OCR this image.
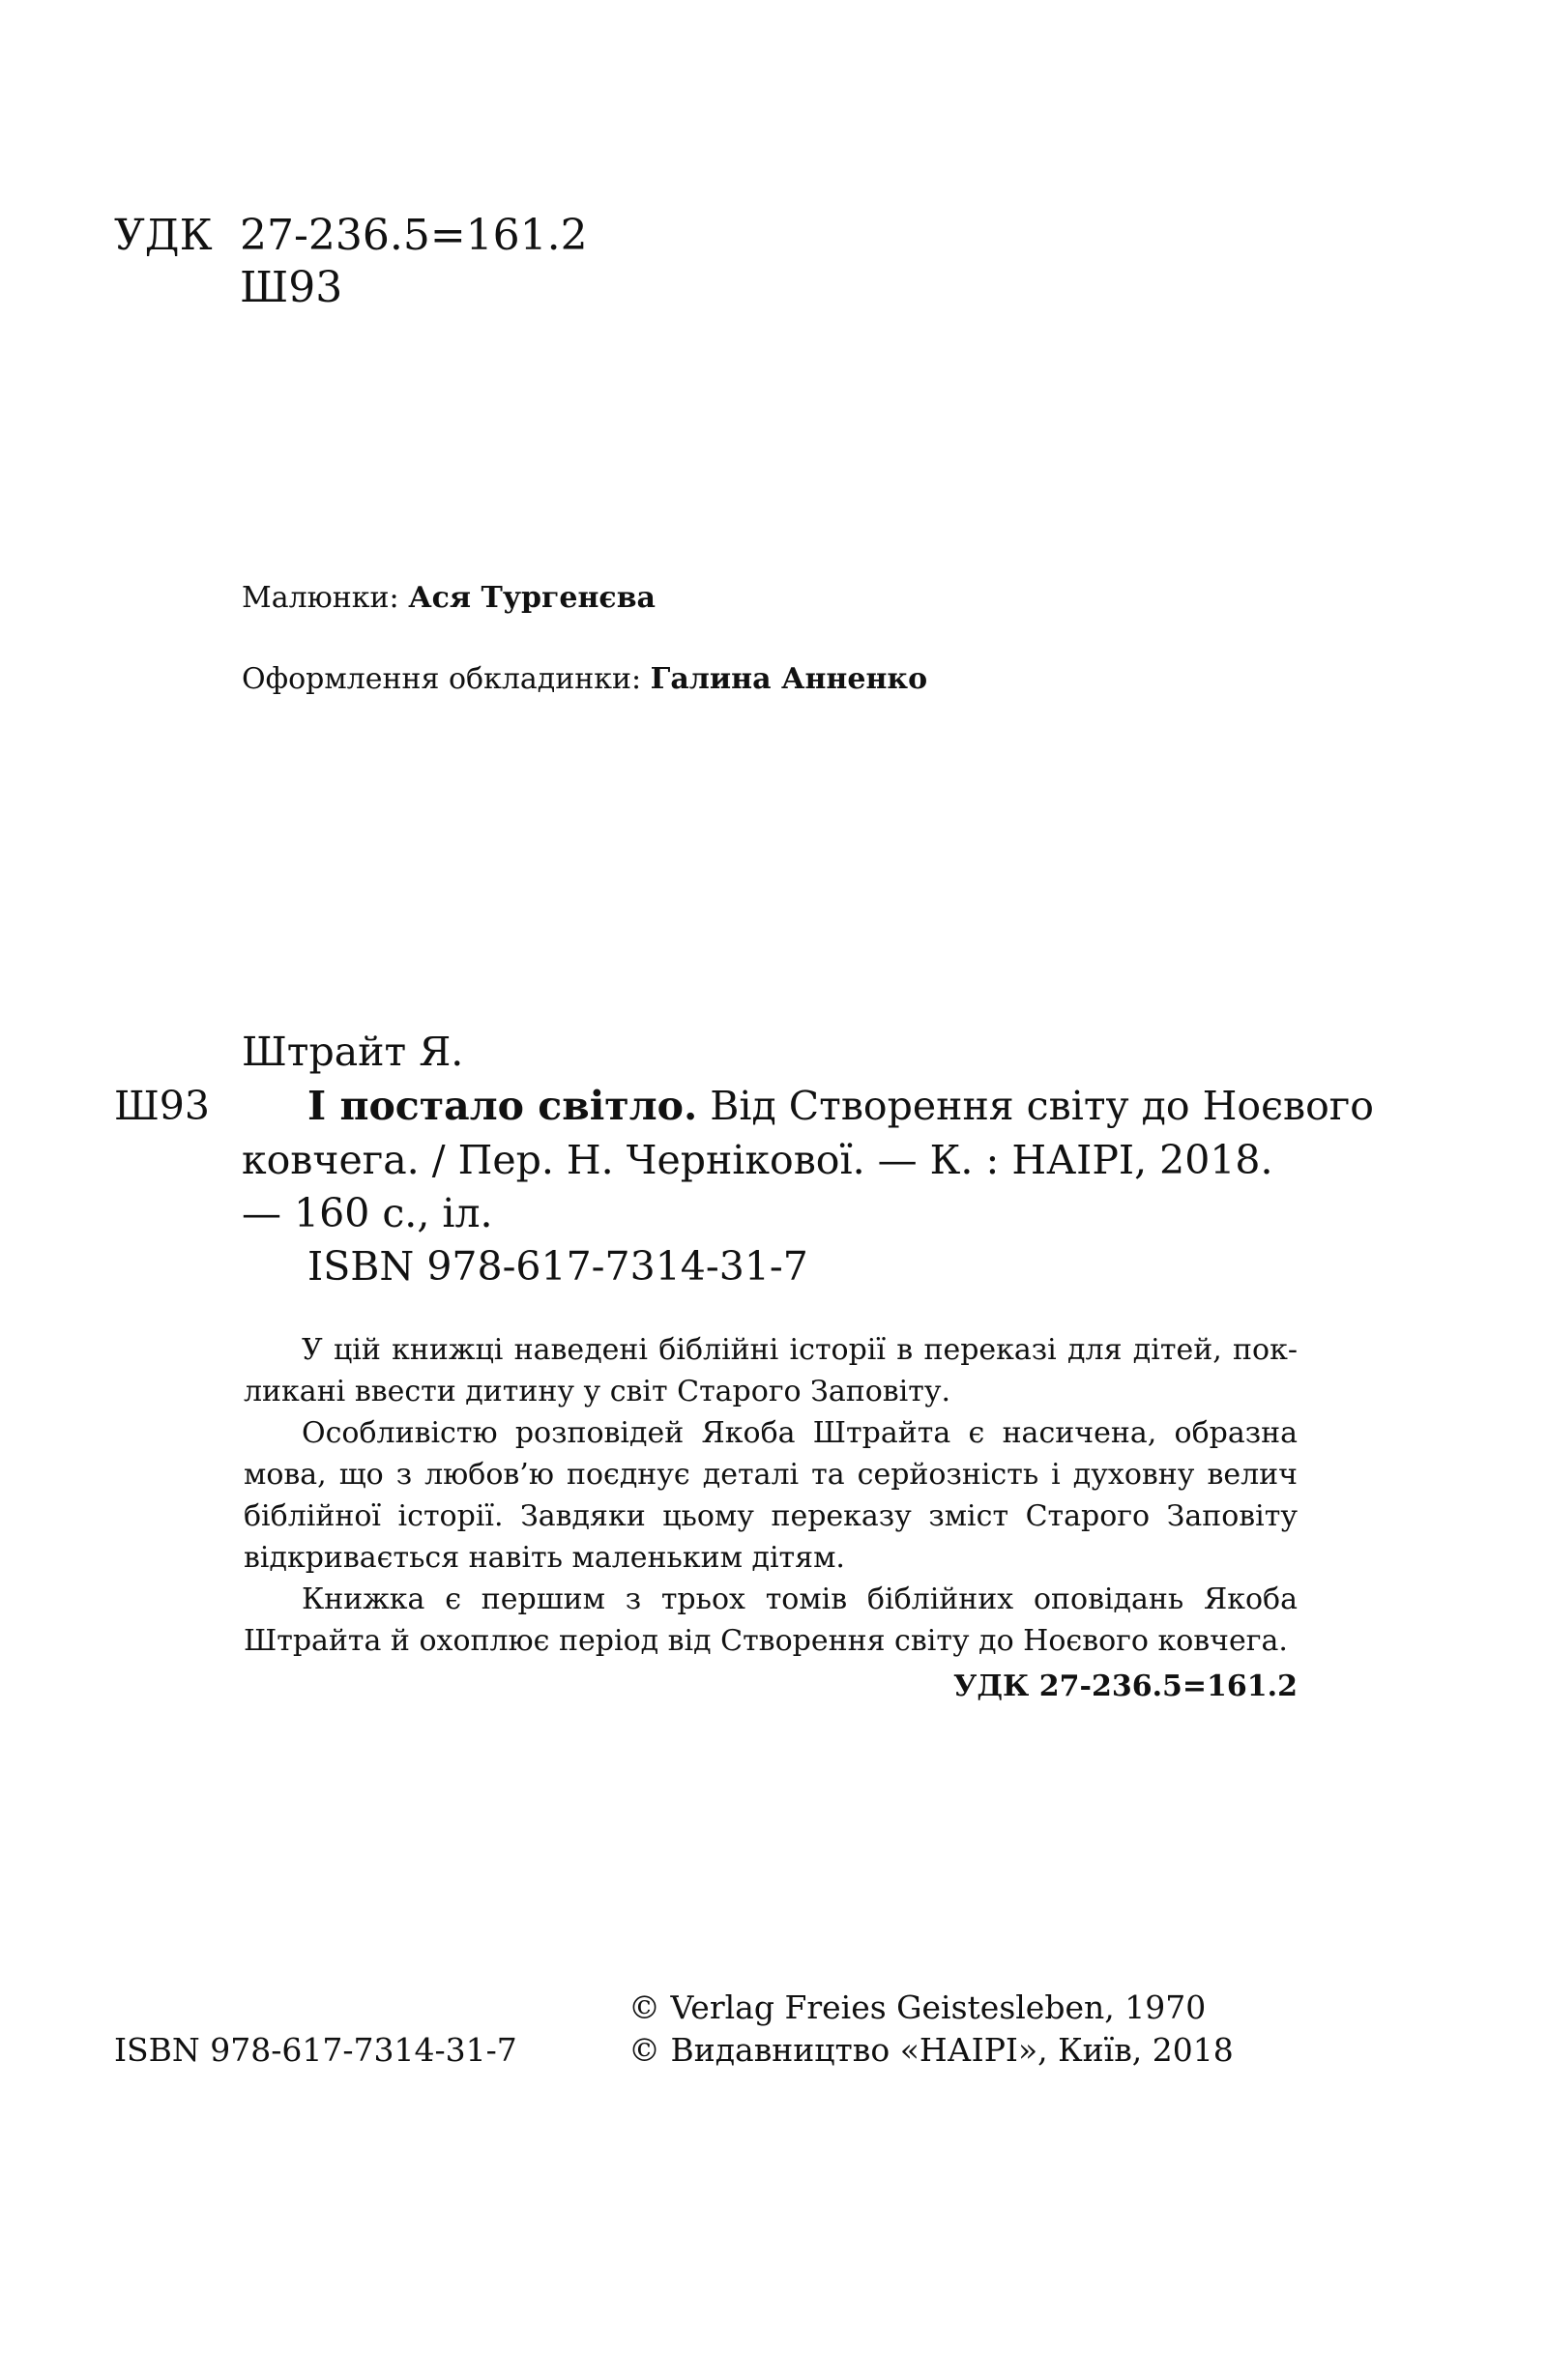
УДК 27-236.5=161.2
Ш93
Малюнки: Ася Тургенєва
Оформлення обкладинки: Галина Анненко
Штрайт Я.
Ш93 І постало світло. Від Створення світу до Ноєвого
ковчега. / Пер. Н. Чернікової. — К. : НАІРІ, 2018.
— 160 с., іл.
ISBN 978-617-7314-31-7

У цій книжці наведені біблійні історії в переказі для дітей, покликані ввести дитину у світ Старого Заповіту.

Особливістю розповідей Якоба Штрайта є насичена, образна мова, що з любов’ю поєднує деталі та серйозність і духовну велич біблійної історії. Завдяки цьому переказу зміст Старого Заповіту відкривається навіть маленьким дітям.

Книжка є першим з трьох томів біблійних оповідань Якоба Штрайта й охоплює період від Створення світу до Ноєвого ковчега.

УДК 27-236.5=161.2

© Verlag Freies Geistesleben, 1970
ISBN 978-617-7314-31-7	© Видавництво «НАІРІ», Київ, 2018
